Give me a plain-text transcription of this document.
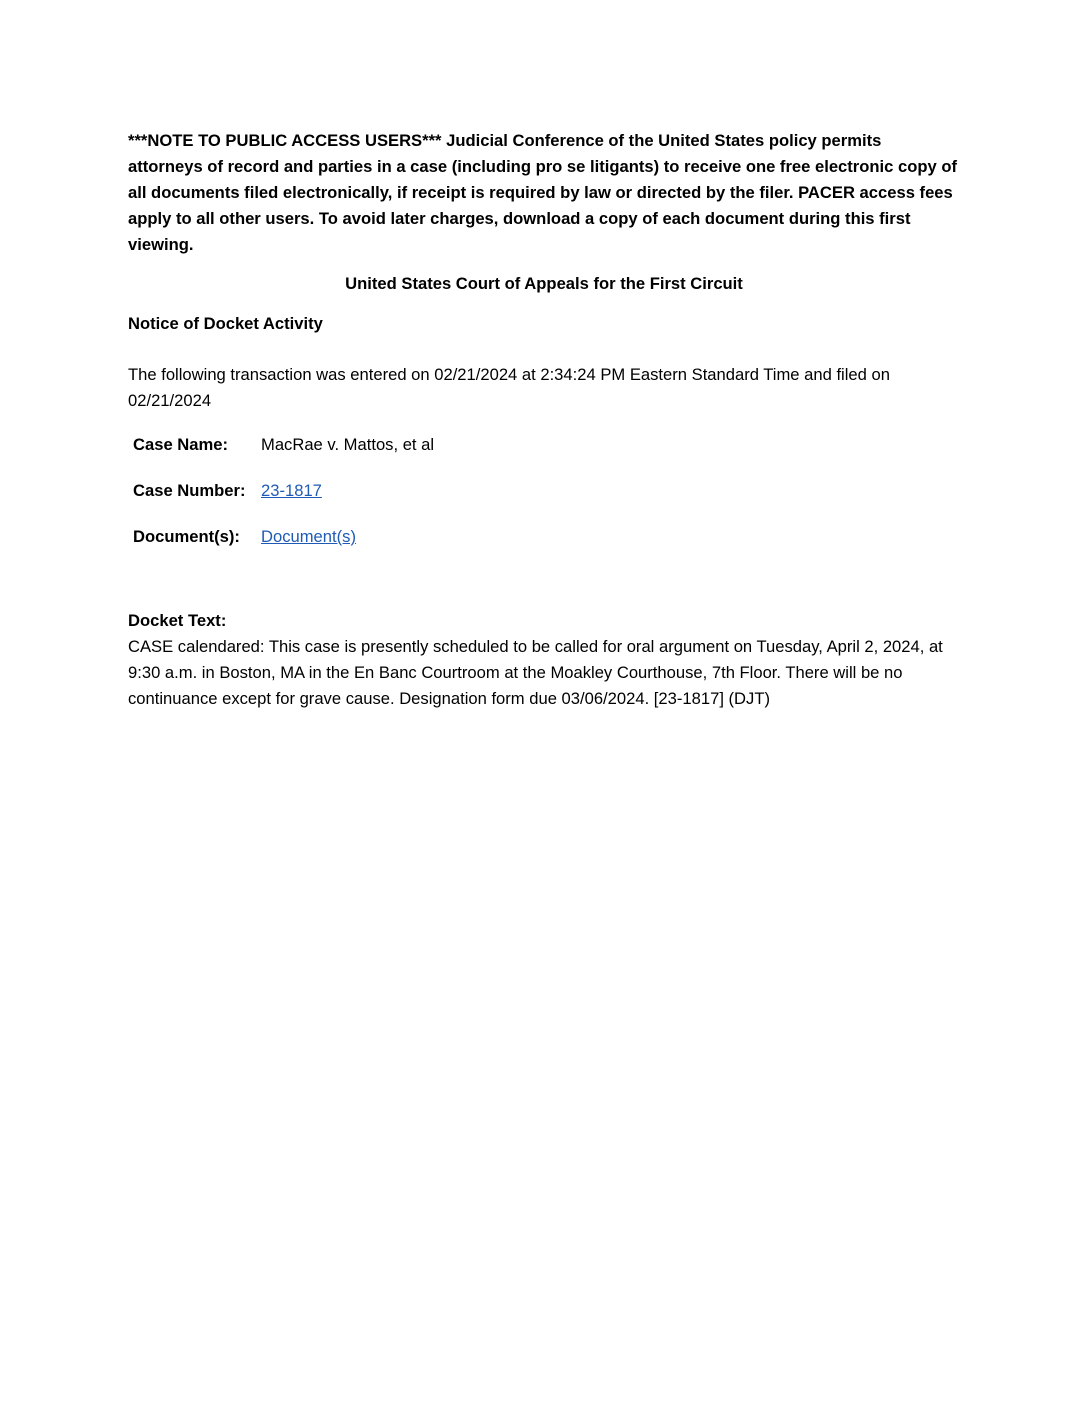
***NOTE TO PUBLIC ACCESS USERS*** Judicial Conference of the United States policy permits attorneys of record and parties in a case (including pro se litigants) to receive one free electronic copy of all documents filed electronically, if receipt is required by law or directed by the filer. PACER access fees apply to all other users. To avoid later charges, download a copy of each document during this first viewing.

United States Court of Appeals for the First Circuit

Notice of Docket Activity

The following transaction was entered on 02/21/2024 at 2:34:24 PM Eastern Standard Time and filed on 02/21/2024

Case Name:	MacRae v. Mattos, et al
Case Number: 23-1817
Document(s):	Document(s)

Docket Text:

CASE calendared: This case is presently scheduled to be called for oral argument on Tuesday, April 2, 2024, at 9:30 a.m. in Boston, MA in the En Banc Courtroom at the Moakley Courthouse, 7th Floor. There will be no continuance except for grave cause. Designation form due 03/06/2024. [23-1817] (DJT)
